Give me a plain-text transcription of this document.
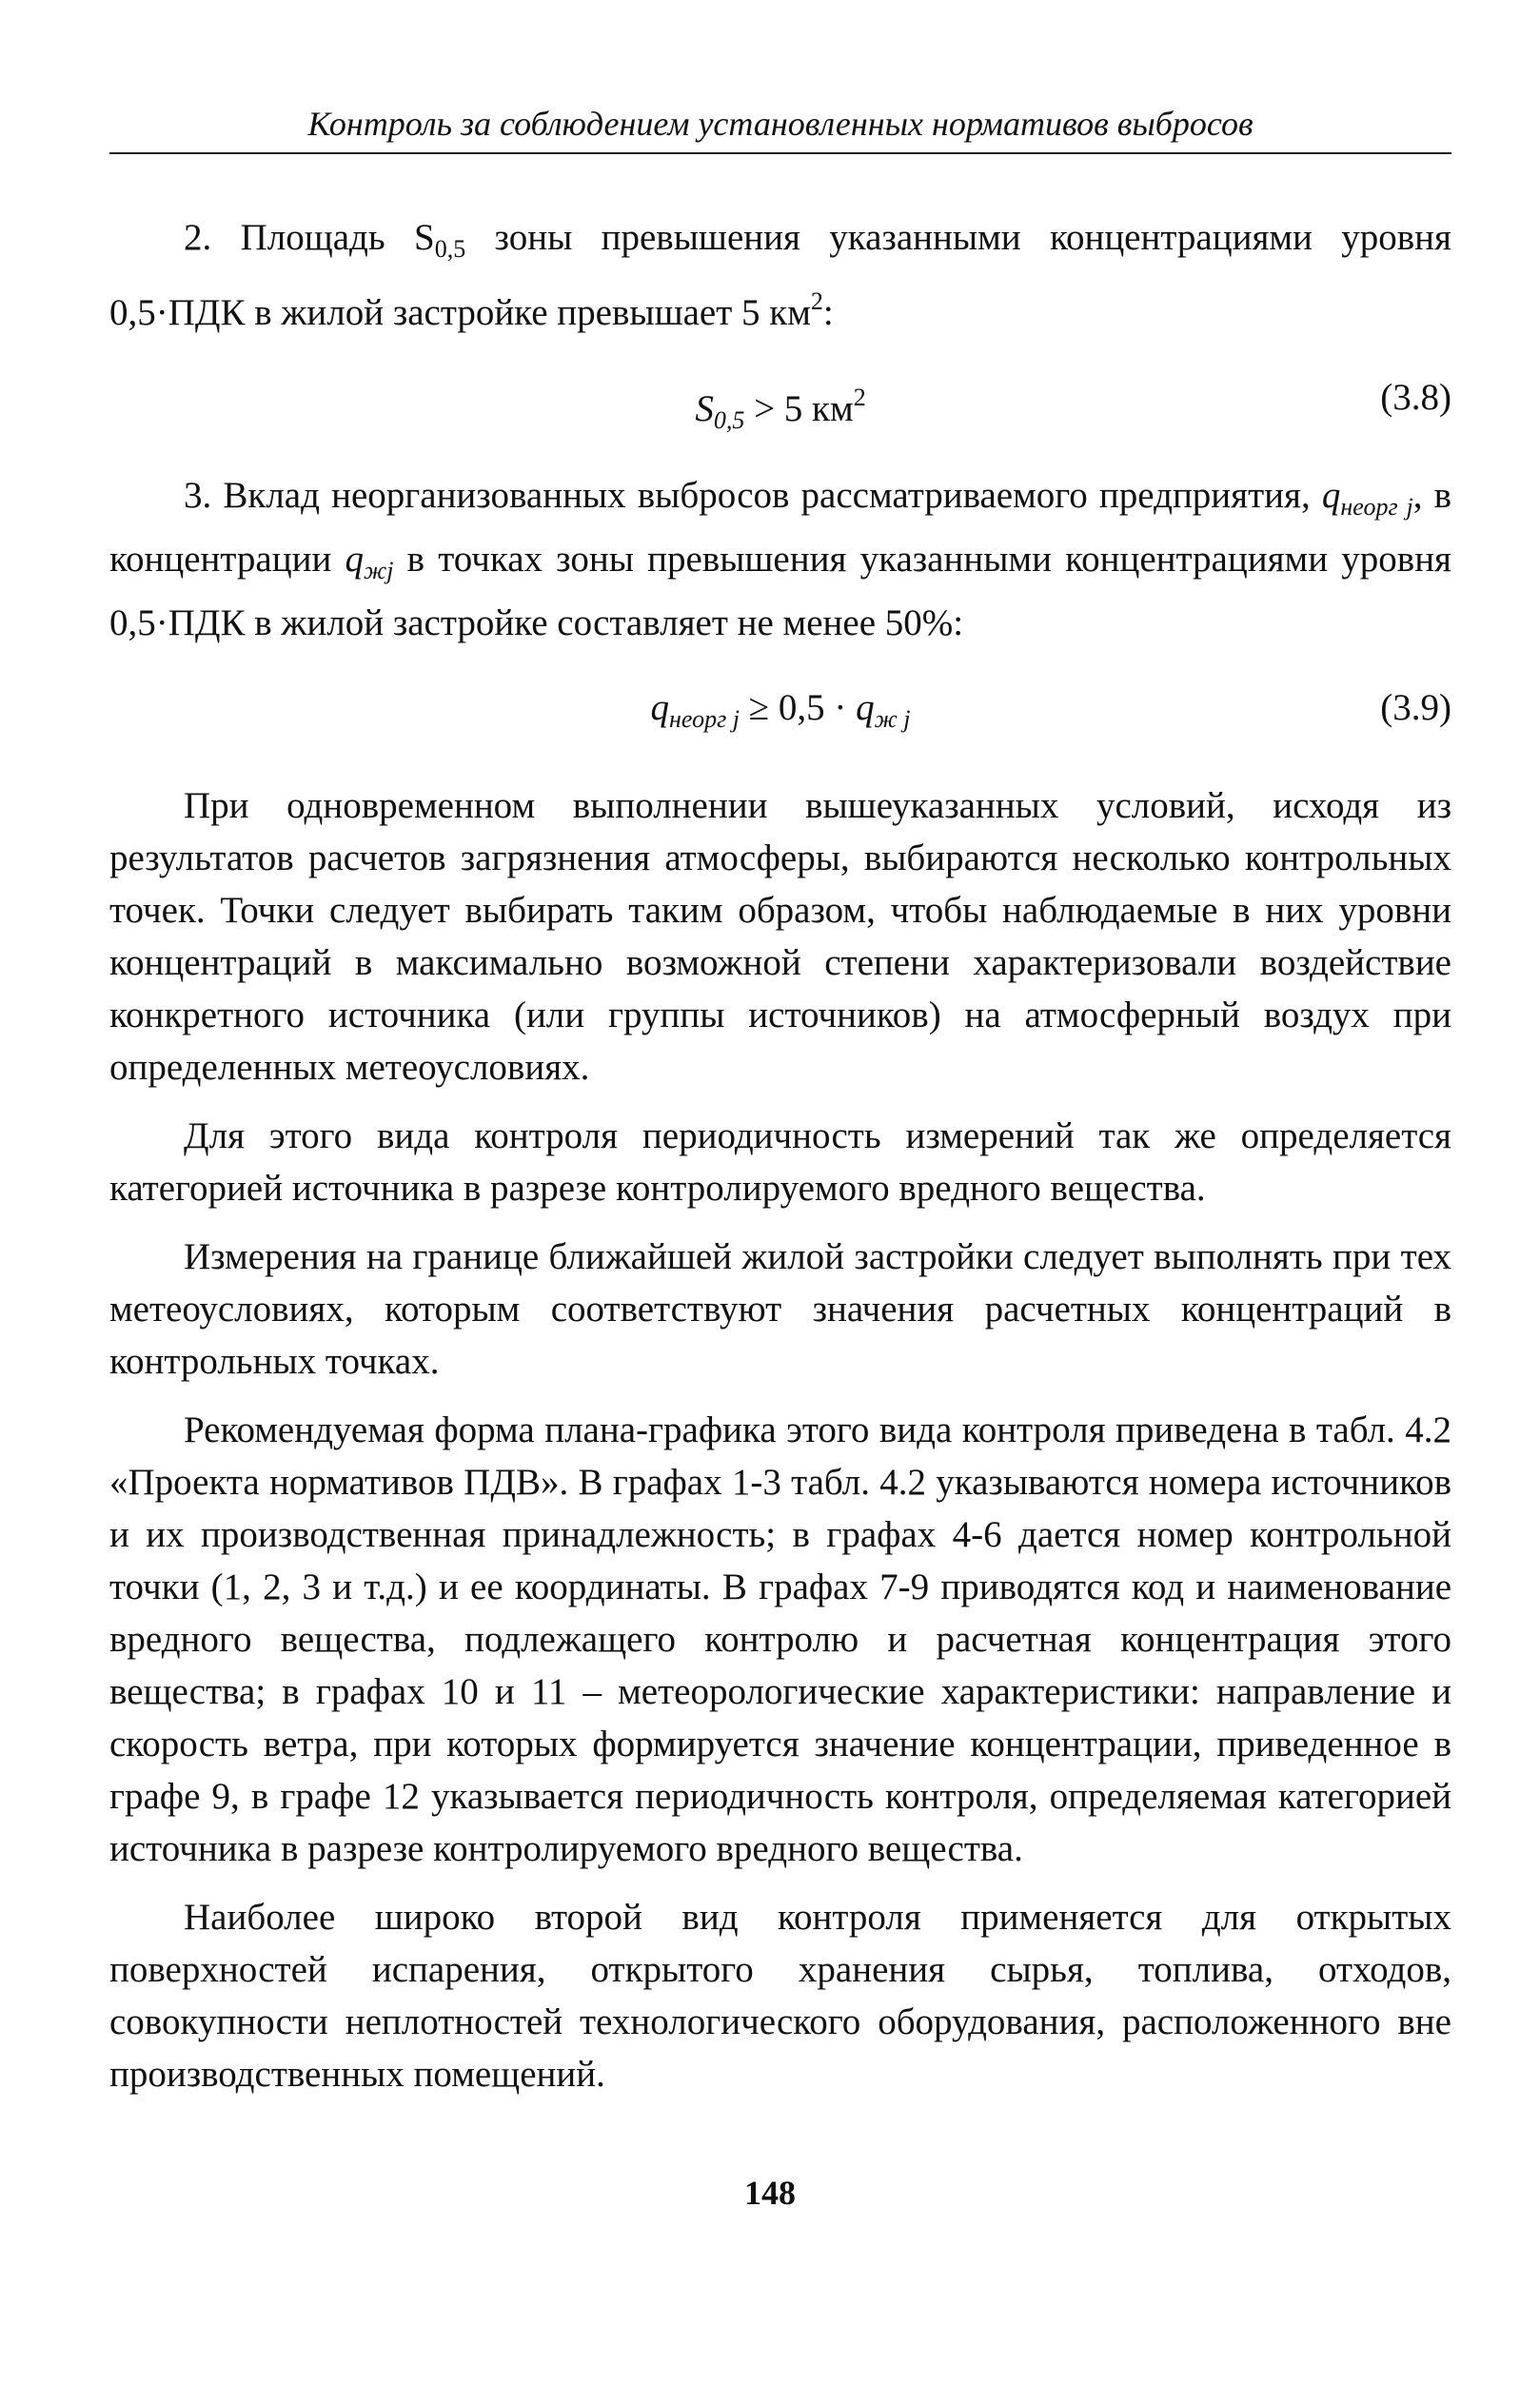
Контроль за соблюдением установленных нормативов выбросов

2. Площадь $S_{0,5}$ зоны превышения указанными концентрациями уровня 0,5·ПДК в жилой застройке превышает 5 $км^2$:

$S_{0,5} > 5$ $км^2$	(3.8)

3. Вклад неорганизованных выбросов рассматриваемого предприятия, $q_{неорг j}$, в концентрации $q_{жj}$ в точках зоны превышения указанными концентрациями уровня 0,5·ПДК в жилой застройке составляет не менее 50%:

$q_{неорг j} \ge 0,5 \cdot q_{ж j}$	(3.9)

При одновременном выполнении вышеуказанных условий, исходя из результатов расчетов загрязнения атмосферы, выбираются несколько контрольных точек. Точки следует выбирать таким образом, чтобы наблюдаемые в них уровни концентраций в максимально возможной степени характеризовали воздействие конкретного источника (или группы источников) на атмосферный воздух при определенных метеоусловиях.

Для этого вида контроля периодичность измерений так же определяется категорией источника в разрезе контролируемого вредного вещества.

Измерения на границе ближайшей жилой застройки следует выполнять при тех метеоусловиях, которым соответствуют значения расчетных концентраций в контрольных точках.

Рекомендуемая форма плана-графика этого вида контроля приведена в табл. 4.2 «Проекта нормативов ПДВ». В графах 1-3 табл. 4.2 указываются номера источников и их производственная принадлежность; в графах 4-6 дается номер контрольной точки (1, 2, 3 и т.д.) и ее координаты. В графах 7-9 приводятся код и наименование вредного вещества, подлежащего контролю и расчетная концентрация этого вещества; в графах 10 и 11 – метеорологические характеристики: направление и скорость ветра, при которых формируется значение концентрации, приведенное в графе 9, в графе 12 указывается периодичность контроля, определяемая категорией источника в разрезе контролируемого вредного вещества.

Наиболее широко второй вид контроля применяется для открытых поверхностей испарения, открытого хранения сырья, топлива, отходов, совокупности неплотностей технологического оборудования, расположенного вне производственных помещений.

148
